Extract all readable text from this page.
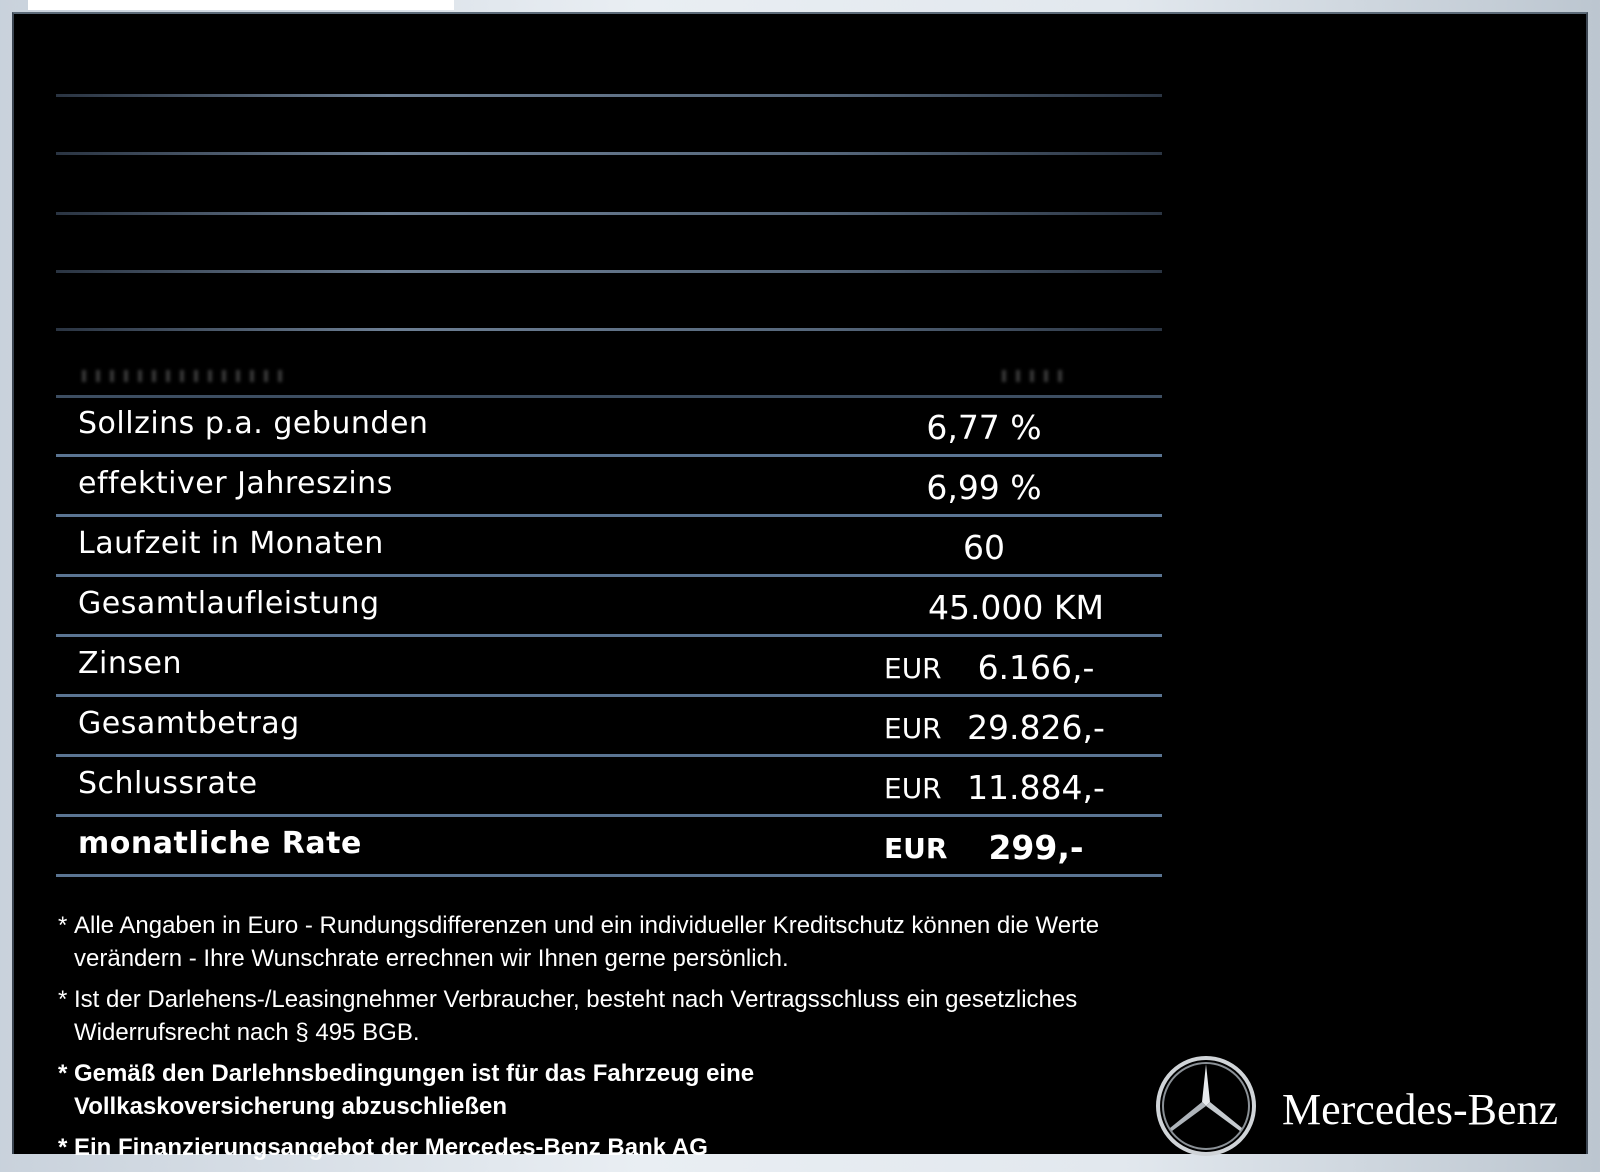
Sollzins p.a. gebunden	6,77 %
effektiver Jahreszins	6,99 %
Laufzeit in Monaten	60
Gesamtlaufleistung	45.000 KM
Zinsen	EUR	6.166,-
Gesamtbetrag	EUR 29.826,-
Schlussrate	EUR 11.884,-
monatliche Rate	EUR	299,-
* Alle Angaben in Euro - Rundungsdifferenzen und ein individueller Kreditschutz können die Werte verändern - Ihre Wunschrate errechnen wir Ihnen gerne persönlich.
* Ist der Darlehens-/Leasingnehmer Verbraucher, besteht nach Vertragsschluss ein gesetzliches Widerrufsrecht nach § 495 BGB.
* Gemäß den Darlehnsbedingungen ist für das Fahrzeug eine Vollkaskoversicherung abzuschließen
* Ein Finanzierungsangebot der Mercedes-Benz Bank AG
Mercedes-Benz
